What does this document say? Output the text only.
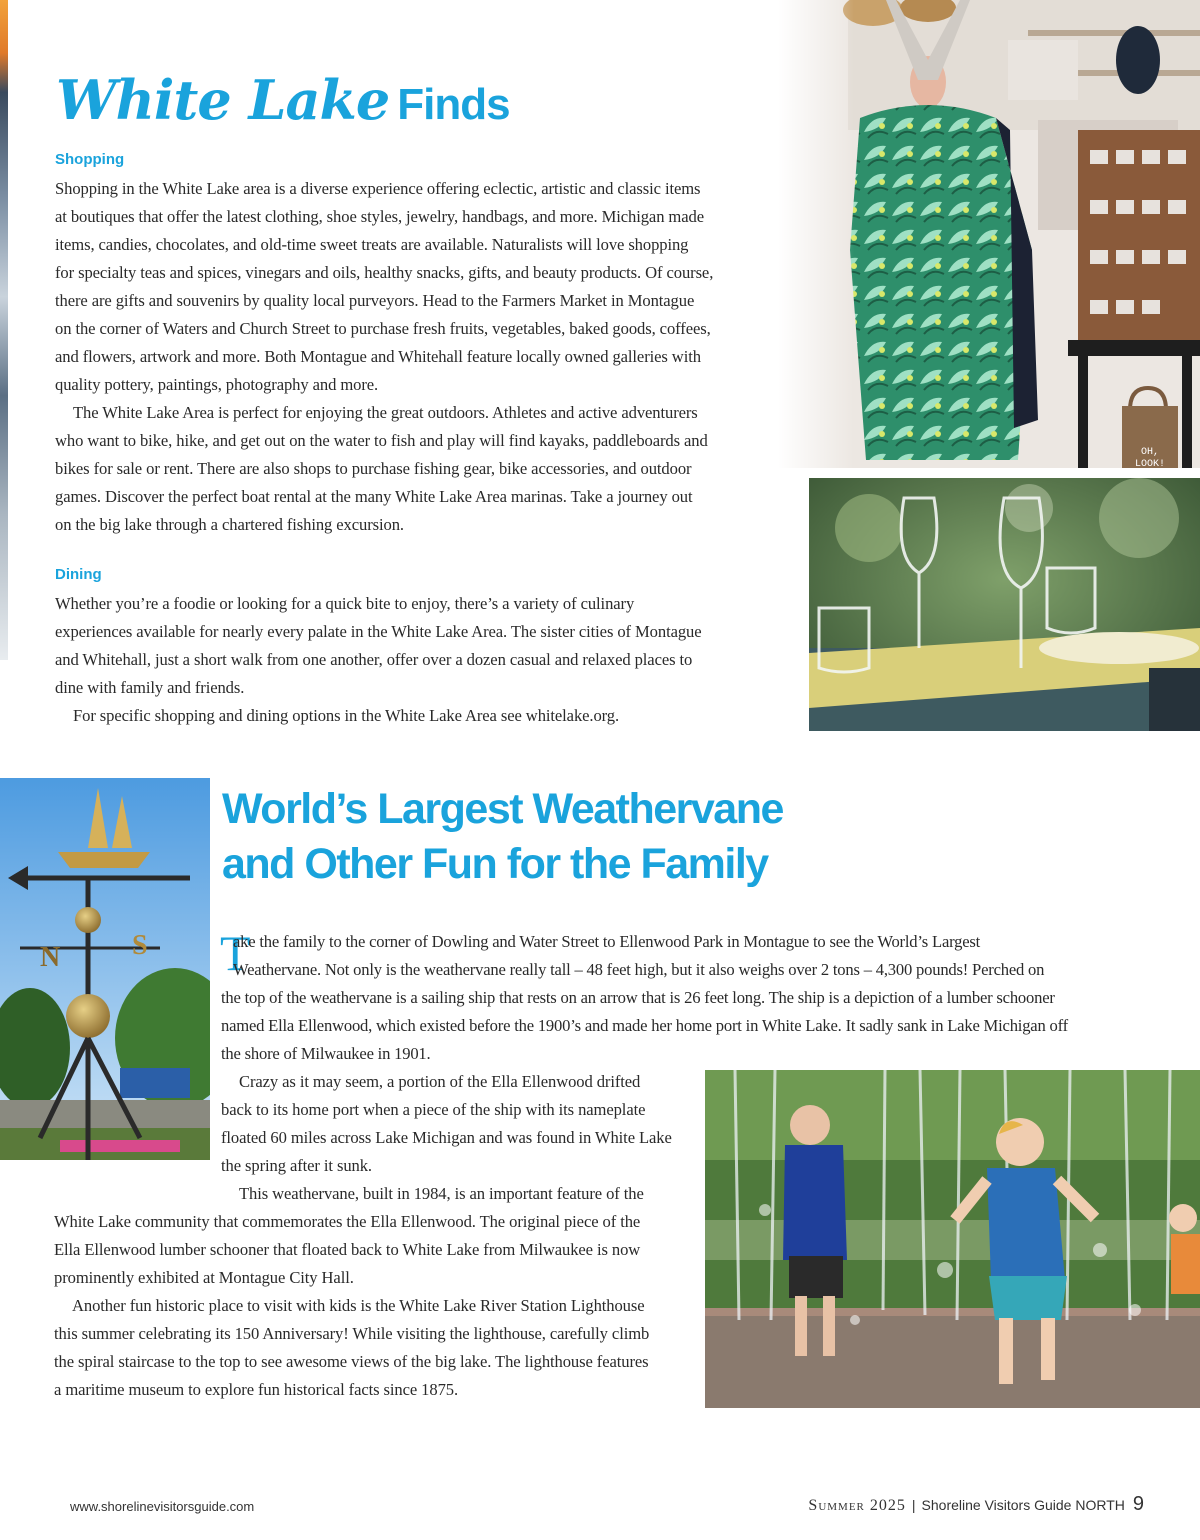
White Lake Finds
Shopping
Shopping in the White Lake area is a diverse experience offering eclectic, artistic and classic items
at boutiques that offer the latest clothing, shoe styles, jewelry, handbags, and more. Michigan made
items, candies, chocolates, and old-time sweet treats are available. Naturalists will love shopping
for specialty teas and spices, vinegars and oils, healthy snacks, gifts, and beauty products. Of course,
there are gifts and souvenirs by quality local purveyors. Head to the Farmers Market in Montague
on the corner of Waters and Church Street to purchase fresh fruits, vegetables, baked goods, coffees,
and flowers, artwork and more. Both Montague and Whitehall feature locally owned galleries with
quality pottery, paintings, photography and more.
The White Lake Area is perfect for enjoying the great outdoors. Athletes and active adventurers
who want to bike, hike, and get out on the water to fish and play will find kayaks, paddleboards and
bikes for sale or rent. There are also shops to purchase fishing gear, bike accessories, and outdoor
games. Discover the perfect boat rental at the many White Lake Area marinas. Take a journey out
on the big lake through a chartered fishing excursion.
Dining
Whether you’re a foodie or looking for a quick bite to enjoy, there’s a variety of culinary
experiences available for nearly every palate in the White Lake Area. The sister cities of Montague
and Whitehall, just a short walk from one another, offer over a dozen casual and relaxed places to
dine with family and friends.
For specific shopping and dining options in the White Lake Area see whitelake.org.
N	S
World’s Largest Weathervane
and Other Fun for the Family
T
ake the family to the corner of Dowling and Water Street to Ellenwood Park in Montague to see the World’s Largest
Weathervane. Not only is the weathervane really tall – 48 feet high, but it also weighs over 2 tons – 4,300 pounds! Perched on
the top of the weathervane is a sailing ship that rests on an arrow that is 26 feet long. The ship is a depiction of a lumber schooner
named Ella Ellenwood, which existed before the 1900’s and made her home port in White Lake. It sadly sank in Lake Michigan off
the shore of Milwaukee in 1901.
Crazy as it may seem, a portion of the Ella Ellenwood drifted
back to its home port when a piece of the ship with its nameplate
floated 60 miles across Lake Michigan and was found in White Lake
the spring after it sunk.
This weathervane, built in 1984, is an important feature of the
White Lake community that commemorates the Ella Ellenwood. The original piece of the
Ella Ellenwood lumber schooner that floated back to White Lake from Milwaukee is now
prominently exhibited at Montague City Hall.
Another fun historic place to visit with kids is the White Lake River Station Lighthouse
this summer celebrating its 150 Anniversary! While visiting the lighthouse, carefully climb
the spiral staircase to the top to see awesome views of the big lake. The lighthouse features
a maritime museum to explore fun historical facts since 1875.

www.shorelinevisitorsguide.com	Summer 2025 | Shoreline Visitors Guide NORTH 9
